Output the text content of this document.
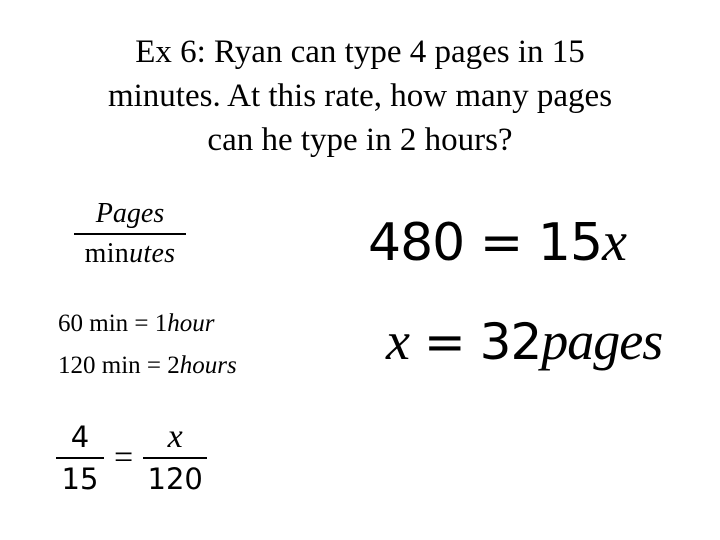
Ex 6: Ryan can type 4 pages in 15
minutes. At this rate, how many pages
can he type in 2 hours?
Pages
minutes
60 min = 1hour
120 min = 2hours
$\frac{4}{15} = \frac{x}{120}$
480 = 15x
x = 32pages
